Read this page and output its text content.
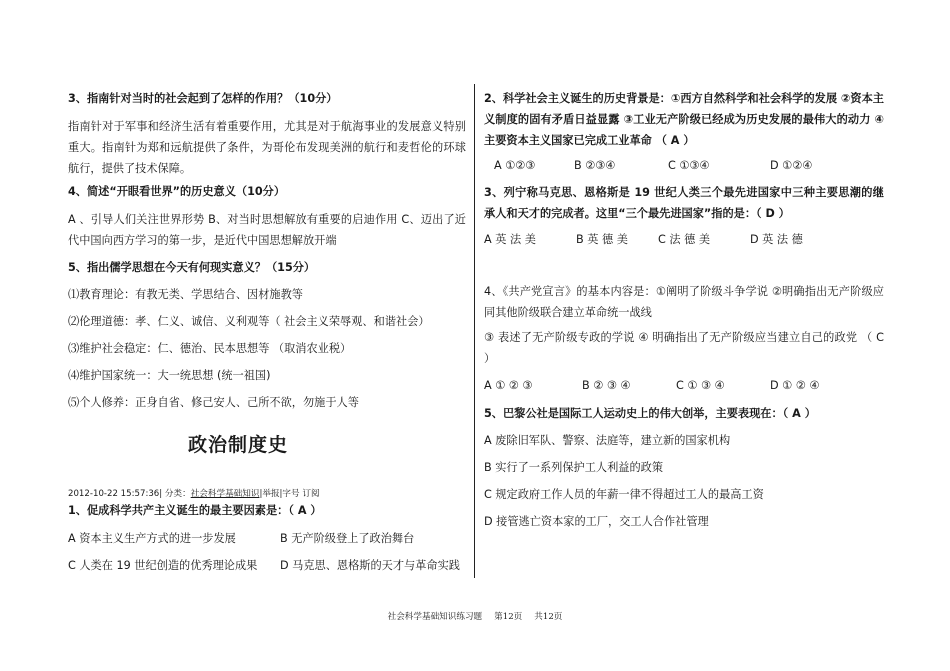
3、指南针对当时的社会起到了怎样的作用？（10分）
指南针对于军事和经济生活有着重要作用，尤其是对于航海事业的发展意义特别重大。指南针为郑和远航提供了条件，为哥伦布发现美洲的航行和麦哲伦的环球航行，提供了技术保障。
4、简述“开眼看世界”的历史意义（10分）
A 、引导人们关注世界形势 B、对当时思想解放有重要的启迪作用 C、迈出了近代中国向西方学习的第一步，是近代中国思想解放开端
5、指出儒学思想在今天有何现实意义？（15分）
⑴教育理论：有教无类、学思结合、因材施教等
⑵伦理道德：孝、仁义、诚信、义利观等（ 社会主义荣辱观、和谐社会）
⑶维护社会稳定：仁、德治、民本思想等 （取消农业税）
⑷维护国家统一：大一统思想 (统一祖国)
⑸个人修养：正身自省、修己安人、己所不欲，勿施于人等
2012-10-22 15:57:36| 分类：社会科学基础知识|举报|字号 订阅
1、促成科学共产主义诞生的最主要因素是：（ A ）
A 资本主义生产方式的进一步发展	B 无产阶级登上了政治舞台
C 人类在 19 世纪创造的优秀理论成果 D 马克思、恩格斯的天才与革命实践
政治制度史
2、科学社会主义诞生的历史背景是：①西方自然科学和社会科学的发展 ②资本主义制度的固有矛盾日益显露 ③工业无产阶级已经成为历史发展的最伟大的动力 ④主要资本主义国家已完成工业革命 （ A ）
A ①②③	B ②③④	C ①③④	D ①②④
3、列宁称马克思、恩格斯是 19 世纪人类三个最先进国家中三种主要思潮的继承人和天才的完成者。这里“三个最先进国家”指的是：（ D ）
A 英 法 美	B 英 德 美	C 法 德 美	D 英 法 德
4、《共产党宣言》的基本内容是：①阐明了阶级斗争学说 ②明确指出无产阶级应同其他阶级联合建立革命统一战线
③ 表述了无产阶级专政的学说 ④ 明确指出了无产阶级应当建立自己的政党 （ C ）
A ① ② ③	B ② ③ ④	C ① ③ ④	D ① ② ④
5、巴黎公社是国际工人运动史上的伟大创举，主要表现在：（ A ）
A 废除旧军队、警察、法庭等，建立新的国家机构
B 实行了一系列保护工人利益的政策
C 规定政府工作人员的年薪一律不得超过工人的最高工资
D 接管逃亡资本家的工厂，交工人合作社管理
社会科学基础知识练习题 第12页 共12页
